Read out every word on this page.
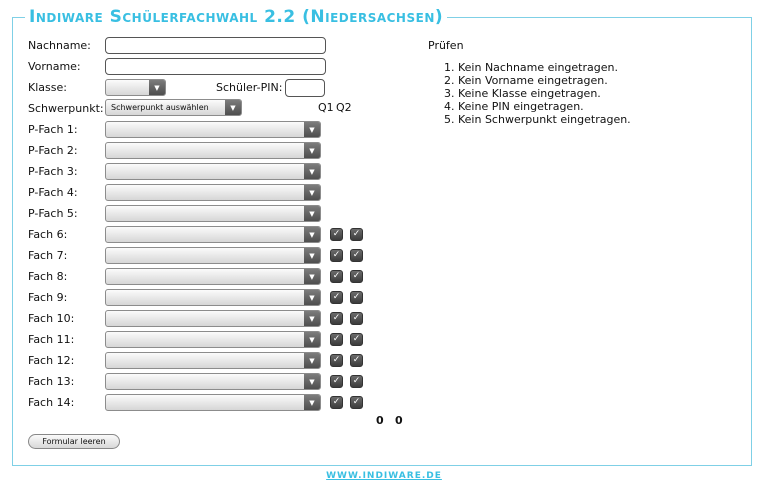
Indiware Schülerfachwahl 2.2 (Niedersachsen)
Nachname:
Vorname:
Klasse:	▼	Schüler-PIN:
Schwerpunkt: Schwerpunkt auswählen	▼	Q1 Q2
P-Fach 1:	▼
P-Fach 2:	▼
P-Fach 3:	▼
P-Fach 4:	▼
P-Fach 5:	▼
Fach 6:	▼	✓	✓
Fach 7:	▼	✓	✓
Fach 8:	▼	✓	✓
Fach 9:	▼	✓	✓
Fach 10:	▼	✓	✓
Fach 11:	▼	✓	✓
Fach 12:	▼	✓	✓
Fach 13:	▼	✓	✓
Fach 14:	▼	✓	✓
0 0
Formular leeren
Prüfen
1. Kein Nachname eingetragen.
2. Kein Vorname eingetragen.
3. Keine Klasse eingetragen.
4. Keine PIN eingetragen.
5. Kein Schwerpunkt eingetragen.
WWW.INDIWARE.DE
